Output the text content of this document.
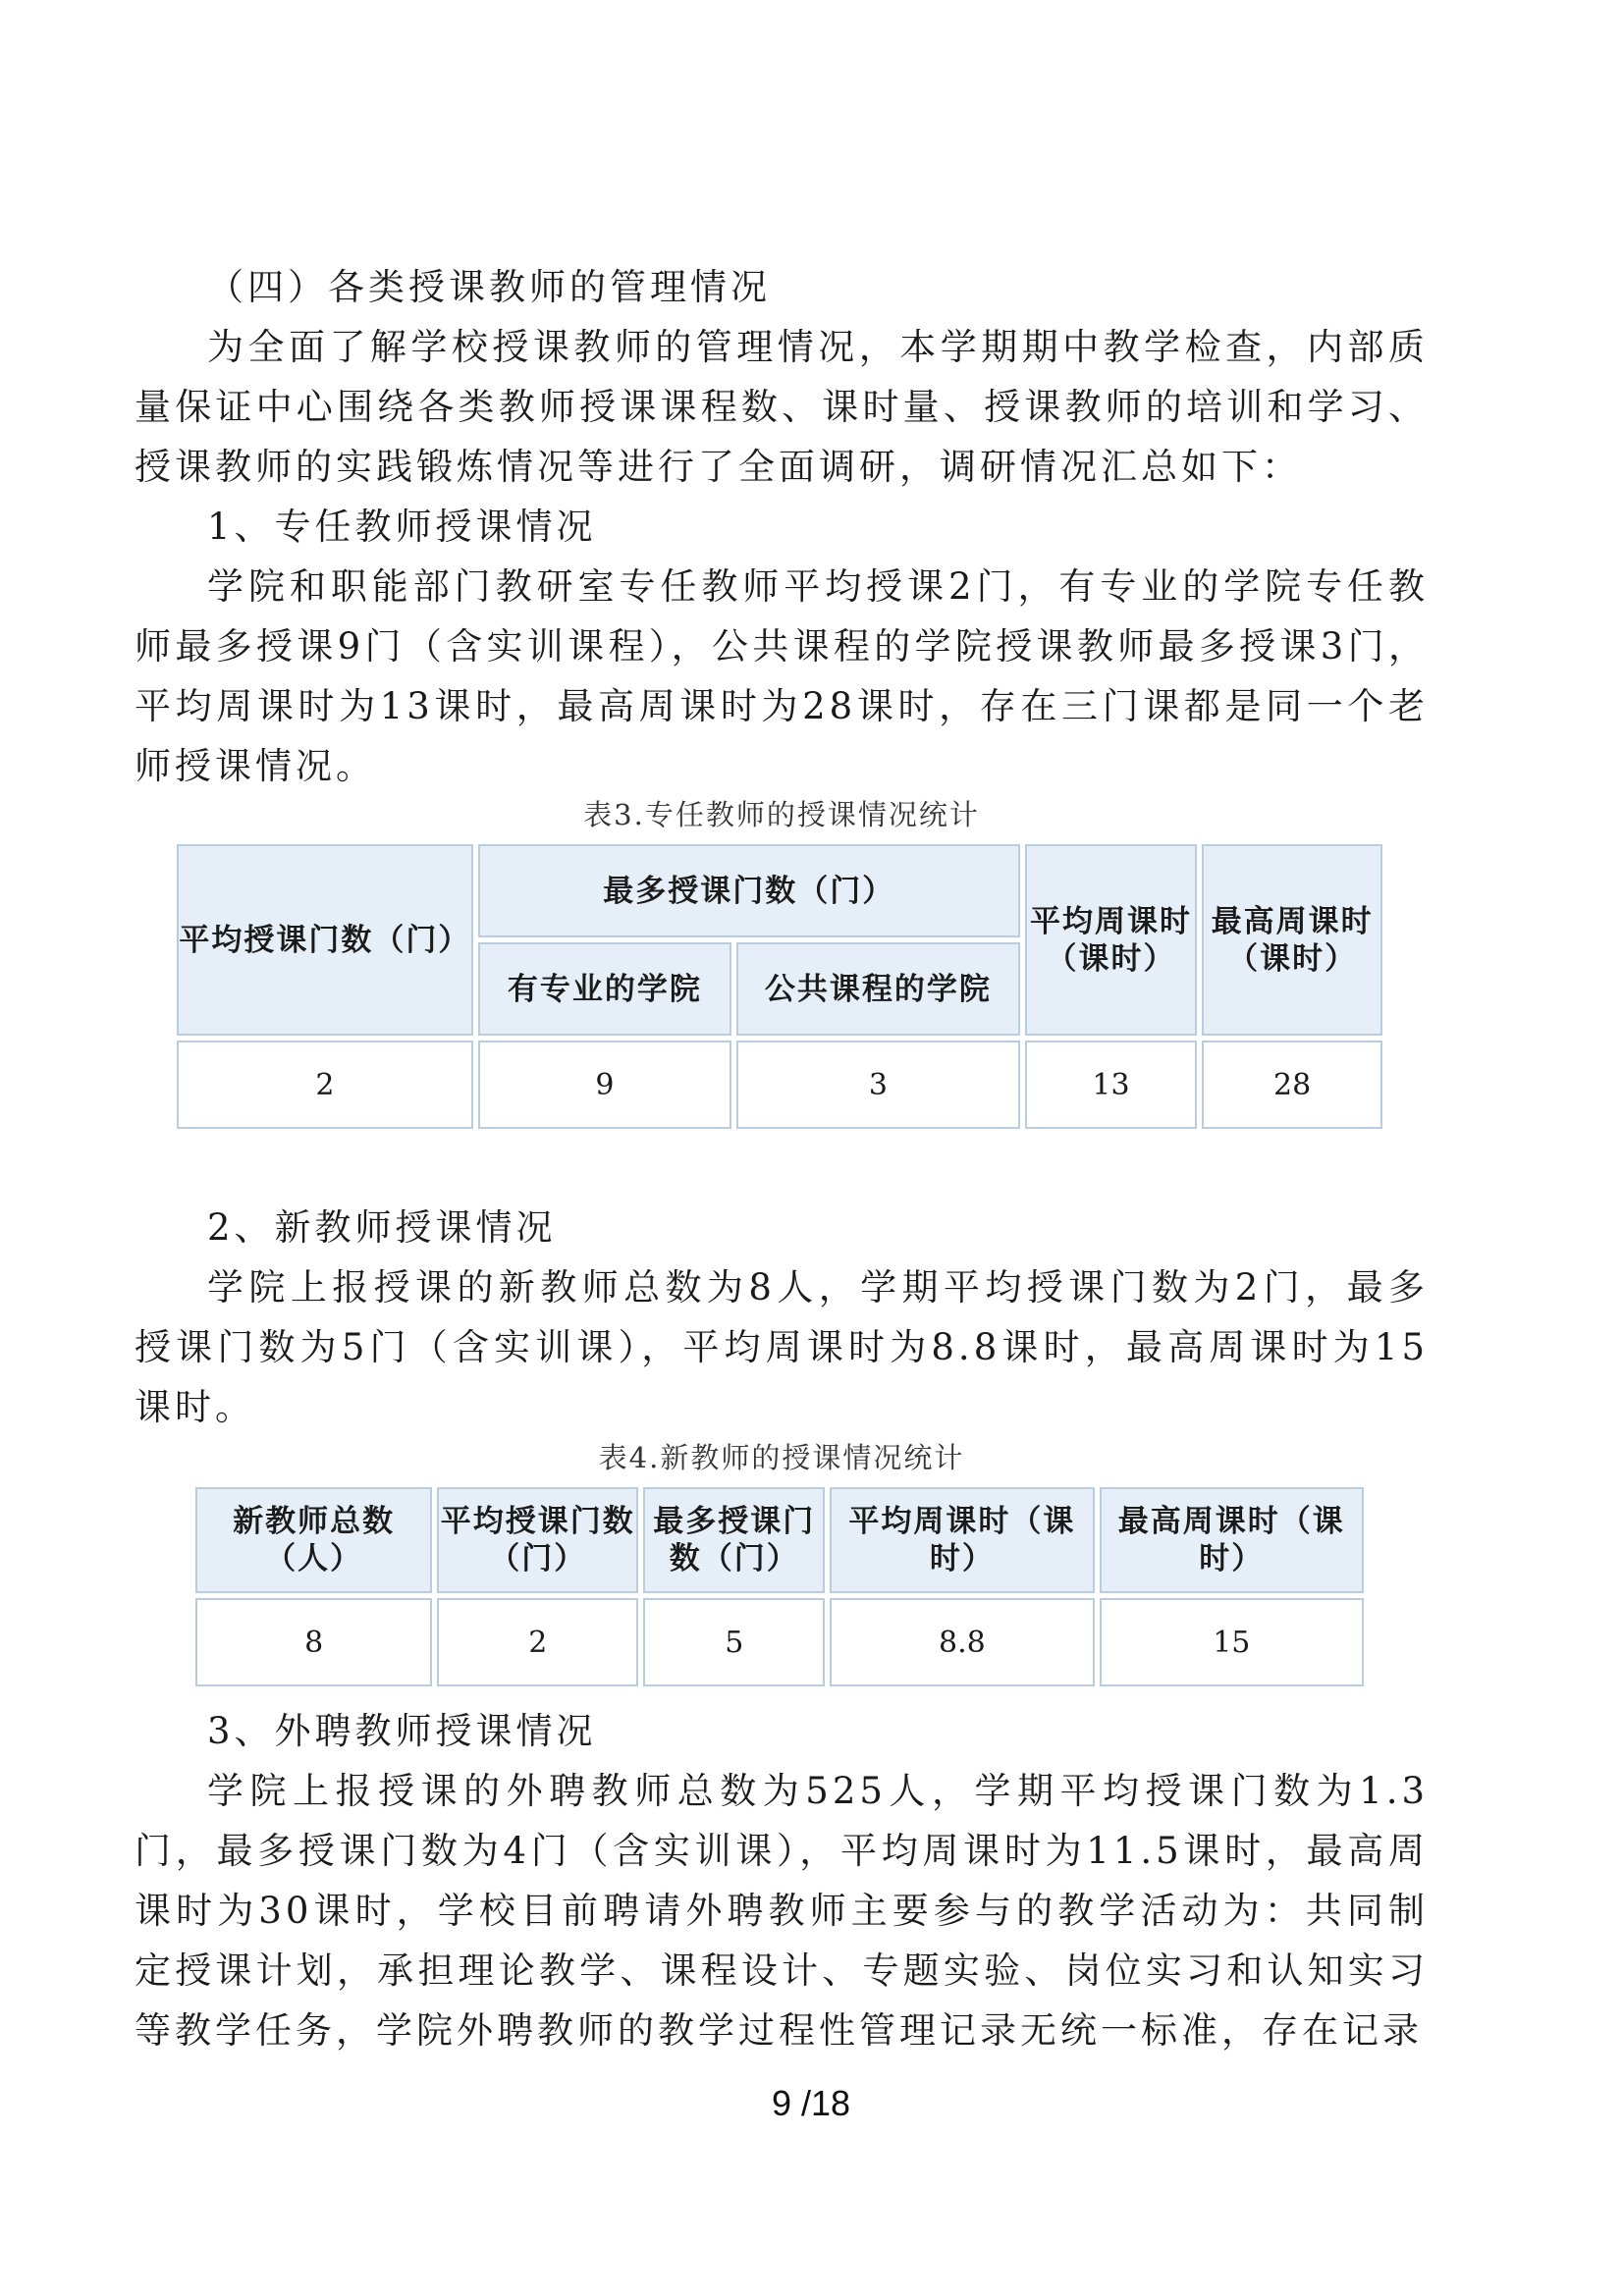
（四）各类授课教师的管理情况

为全面了解学校授课教师的管理情况，本学期期中教学检查，内部质量保证中心围绕各类教师授课课程数、课时量、授课教师的培训和学习、授课教师的实践锻炼情况等进行了全面调研，调研情况汇总如下：

1、专任教师授课情况

学院和职能部门教研室专任教师平均授课2门，有专业的学院专任教师最多授课9门（含实训课程），公共课程的学院授课教师最多授课3门，平均周课时为13课时，最高周课时为28课时，存在三门课都是同一个老师授课情况。

表3.专任教师的授课情况统计
平均授课门数（门）	最多授课门数（门）		平均周课时（课时）	最高周课时（课时）
	有专业的学院	公共课程的学院		
2	9	3	13	28

2、新教师授课情况

学院上报授课的新教师总数为8人，学期平均授课门数为2门，最多授课门数为5门（含实训课），平均周课时为8.8课时，最高周课时为15课时。

表4.新教师的授课情况统计
新教师总数（人）	平均授课门数（门）	最多授课门数（门）	平均周课时（课时）	最高周课时（课时）
8	2	5	8.8	15

3、外聘教师授课情况

学院上报授课的外聘教师总数为525人，学期平均授课门数为1.3门，最多授课门数为4门（含实训课），平均周课时为11.5课时，最高周课时为30课时，学校目前聘请外聘教师主要参与的教学活动为：共同制定授课计划，承担理论教学、课程设计、专题实验、岗位实习和认知实习等教学任务，学院外聘教师的教学过程性管理记录无统一标准，存在记录

9 /18
